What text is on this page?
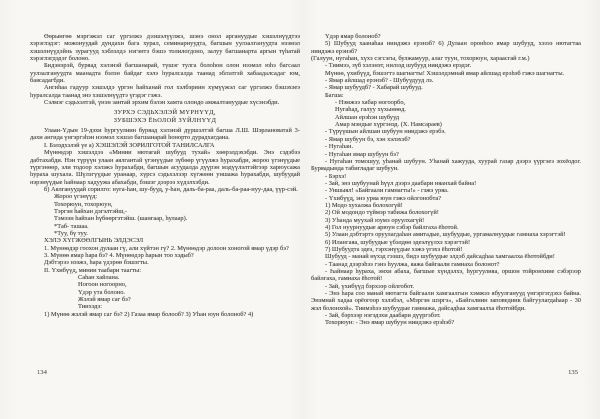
Өөрынгөө мэргэжэл саг үргэлжэ дээшэлүүлжэ, шэнэ онол аргануудые хэшэлнүүдтээ хэрэглэдэг: можонуудай дундахи бага хурал, семинарнуудта, багшын уулзалгануудта нээмэл хэшэлнүүдэйнь зурагууд хэблэлдэ нэгэнтэ бэшэ толилогдоно, залуу багшанарта аргын түһатай хэрэглэгдэдэг болоно.
Бидэнэрэй, буряад хэлэнэй багшанарай, түшэг тулга болоһон олон нээмэл юһэ багсаал уулзалгануудта маанадта бэлэн байдаг хэлэ һуралсалда таанад эблэлтэй хабаадалсадаг юм, баясадагбди.
Ангиһаа гадуур хэшэлдэ үргэн һайханай гол хэлбэриин хүмүүжэл саг үргэлжэ бэшэхэеэ һуралсалда таанад энэ хэшэлнүүдтэ үгэдэг гэжэ.
Сэлмэг сэдьхэлтэй, үнэн зантай эрхим бэлэн хамта олондо амжалтануудые хүсэнэбди.
ЗУРХЭ СЭДЬХЭЛЭЙ МҮРНҮҮД,
ЗУБШЭХЭ ЁҺОЛОЙ ЗҮЙЛНҮҮД
Улаан-Үдын 19-дэхи һургуулиин буряад хэлэнэй дүршэлтэй багша Л.Ш. Шэрлановатай 3-дахи ангида үнгэргэһэн нээмэл хэшэл багшанарай һонорто дурадхагдана.
I. Бэлэдхэлэй үе а) ХЭШЭЛЭЙ ЗОРИЛГОТОЙ ТАНИЛСАЛГА
Мүнөөдэр хэшэлдээ «Минии нютагай шубууд тухай» хөөрэлдэхэбди. Энэ сэдэбээ дабтахабди. Нэн түрүүн улаан аялгантай үгэнүүдые зүбөөр үгүүлжэ һурахабди, жороо үгэнүүдые түргэнөөр, эли тодоор хэлэжэ һурахабди, багшын асуудалда дүүрэн мэдүүлэлтэйгээр харюусажа һураха шухала. Шүлэгүүдые уранаар, хүрсэ сэдьхэлээр хүгжөөн уншажа һурахабди, шубуудай нэрэнүүдые һайнаар хадуужа абахабди, бэшэг дээрээ хүдэлхэбди.
б) Аялгануудай сорилго: нуга-һан, шу-бууд, у-һан, даль-ба-раа, даль-ба-раа-нуу-даа, үүр-сэй.
Жороо үгэнүүд:
Тохорюун, тохорюун,
Тэргэн һайхан дэгэлтэйш,-
Тэмээн һайхан һүбөөргэтэйш. (шангаар, һулаар).
*Таб- ташаа.
*Туу, бү туу.
ХЭЛЭ ХҮГЖӨӨЛГЫНЬ ЭЛДЭСЭЛ
1. Мүнөөдэр гоохон дулаан гү, али хүйтэн гү? 2. Мүнөөдэр долоон хоногой ямар үдэр бэ?
3. Мүнөө ямар һара бэ? 4. Мүнөөдэр һарын тоо хэдыб?
Дэбтэрээ нээжэ, һара үдэрөө бэшэгты.
II. Үхибүүд, минии таабари таагты:
Саһан хайлана.
Ногоон ногоорно,
Үдэр ута болоно.
Жэлэй ямар саг бэ?
Тиихэдэ:
1) Мүнөө жэлэй ямар саг бэ? 2) Газаа ямар болооб? 3) Уһан юун болоноб? 4)
134
Үдэр ямар болоноб?
5) Шубууд хаанаһаа ниидэжэ ерэнэб? 6) Дулаан оронһоо ямар шубууд, хэзээ нютагтаа ниидэжэ ерэнэб?
(Галуун, нугаһан, хүхэ сэгсэгы, булжамуур, алаг туун, тохорюун, хараасгай г.м.)
- Тиимээ, зүб хэлэнэт, нилээд шубууд ниидэжэ ерэдэг.
Мүнөө, үхибүүд, бэшэгтэ шагнагты! Хэшэлдэмнай ямар айлшад ерэһэб гэжэ шагнагты.
- Ямар айлшад ерэнэб? - Шубуудууд лэ.
- Ямар шубуудб? - Хабарай шубууд.
Багша:
- Нэмжээ хабар ногоорбо,
Нугаһад, галуу хүхынөөд.
Айлшан ерэһэн шубууд
Амар мэндые хүргэнэд. (Х. Намсараев)
- Түрүүшын айлшан шубуун ниидэжэ ерэбэ.
- Ямар шубуун бэ, хэн хэлэхэб?
- Нугаһан.
- Нугаһан ямар шубуун бэ?
- Нугаһан томошуу, уһанай шубуун. Уһанай хажууда, хуурай газар дээрэ үүргэеэ зохёодог. Буряадында табигладаг шубуун.
- Бэрхэ!
- Зай, энэ шубуунай һүүл дээрэ даабари няанхай байна!
- Уншыял! «Байгаали гамнагты!» - гэжэ уряа.
- Үхибүүд, энэ уряа юун гэжэ ойлгонобта?
1) Модо хухалжа болохогүй!
2) Ой модондо түймэр табижа болохогүй!
3) Уһанда муухай юумэ оруулхагүй!
4) Гол нуурнуудые арюун сэбэр байлгаха ёһотой.
5) Улаан дэбтэртэ оруулагдаһан амитадые, шубуудые, ургамалнуудые гамнаха хэрэгтэй!
6) Илангаяа, шубуудые үбэлдөө эдеэлүүлхэ хэрэгтэй!
7) Шубуудта эдеэ, гэрхэнүүдые хэжэ үгэхэ ёһотой!
Шубууд - манай нүхэд гээшэ, бидэ шубуудые элдэб дайсадһаа хамгаалха ёһотойбди!
- Таанад дээрэһээ гэнэ һуулжа, яажа байгаали гамнаха болонот?
- Һайнаар һураха, эмхи абаха, багшые хүндэлхэ, һургуулияа, оршон тойронхиие сэбэрээр байлгаха, гамнаха ёһотой!
- Зай, үхибүүд бэрхээр ойлгобот.
- Энэ һара соо манай нютагта байгаали хамгаалгын хэмжээ ябуулганууд үнгэргэгдэхэ байна. Энэмнай хадаа орёогоор хэлэбэл, «Мэргэн шэргэ», «Байгалиин заповедник байгуулагдаһаар - 30 жэл болонхой». Тиимэһээ шубуудые гамнажа, дайсадһаа хамгаалха ёһотойбди.
- Зай, бэрхээр нэгэдэхи даабари дүүргэбэт.
Тохорюун: - Энэ ямар шубуун ниидэжэ ерэһэб?
135
